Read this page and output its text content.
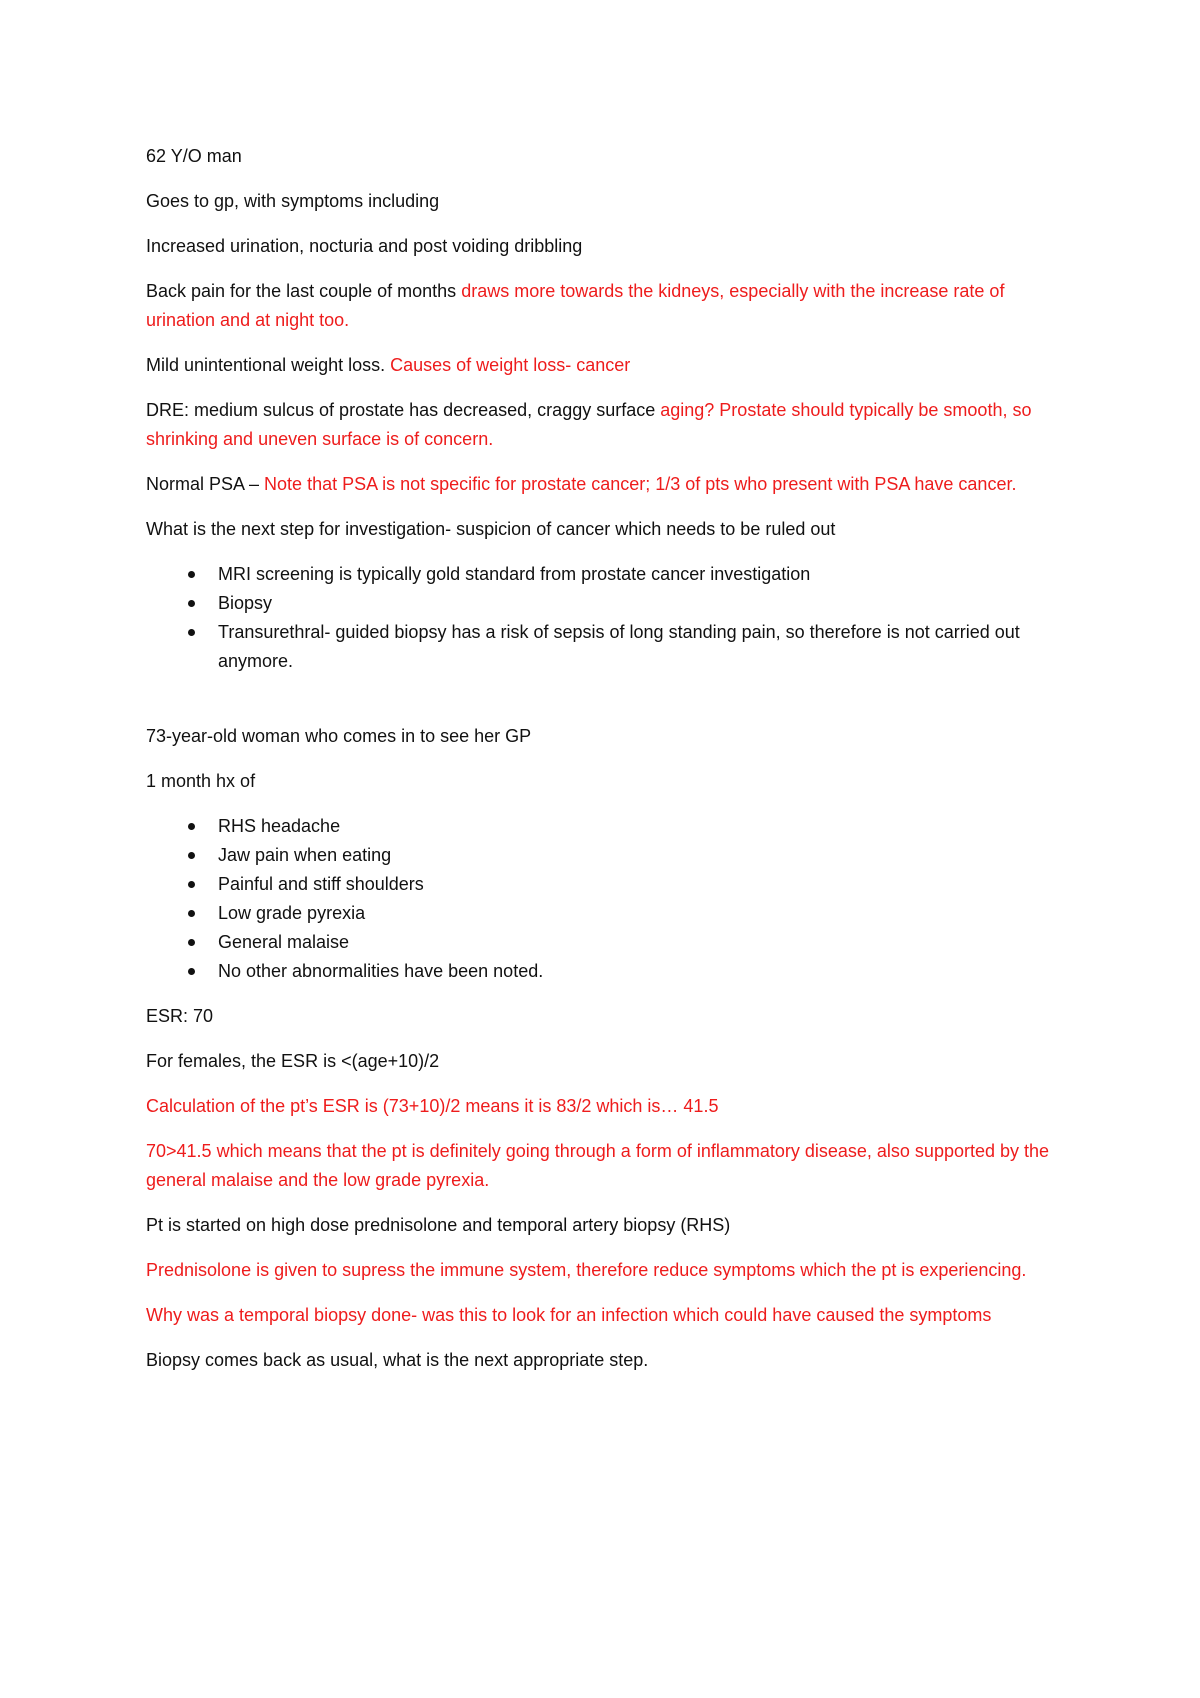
62 Y/O man
Goes to gp, with symptoms including
Increased urination, nocturia and post voiding dribbling
Back pain for the last couple of months draws more towards the kidneys, especially with the increase rate of urination and at night too.
Mild unintentional weight loss. Causes of weight loss- cancer
DRE: medium sulcus of prostate has decreased, craggy surface aging? Prostate should typically be smooth, so shrinking and uneven surface is of concern.
Normal PSA – Note that PSA is not specific for prostate cancer; 1/3 of pts who present with PSA have cancer.
What is the next step for investigation- suspicion of cancer which needs to be ruled out
MRI screening is typically gold standard from prostate cancer investigation
Biopsy
Transurethral- guided biopsy has a risk of sepsis of long standing pain, so therefore is not carried out anymore.
73-year-old woman who comes in to see her GP
1 month hx of
RHS headache
Jaw pain when eating
Painful and stiff shoulders
Low grade pyrexia
General malaise
No other abnormalities have been noted.
ESR: 70
For females, the ESR is <(age+10)/2
Calculation of the pt’s ESR is (73+10)/2 means it is 83/2 which is… 41.5
70>41.5 which means that the pt is definitely going through a form of inflammatory disease, also supported by the general malaise and the low grade pyrexia.
Pt is started on high dose prednisolone and temporal artery biopsy (RHS)
Prednisolone is given to supress the immune system, therefore reduce symptoms which the pt is experiencing.
Why was a temporal biopsy done- was this to look for an infection which could have caused the symptoms
Biopsy comes back as usual, what is the next appropriate step.
